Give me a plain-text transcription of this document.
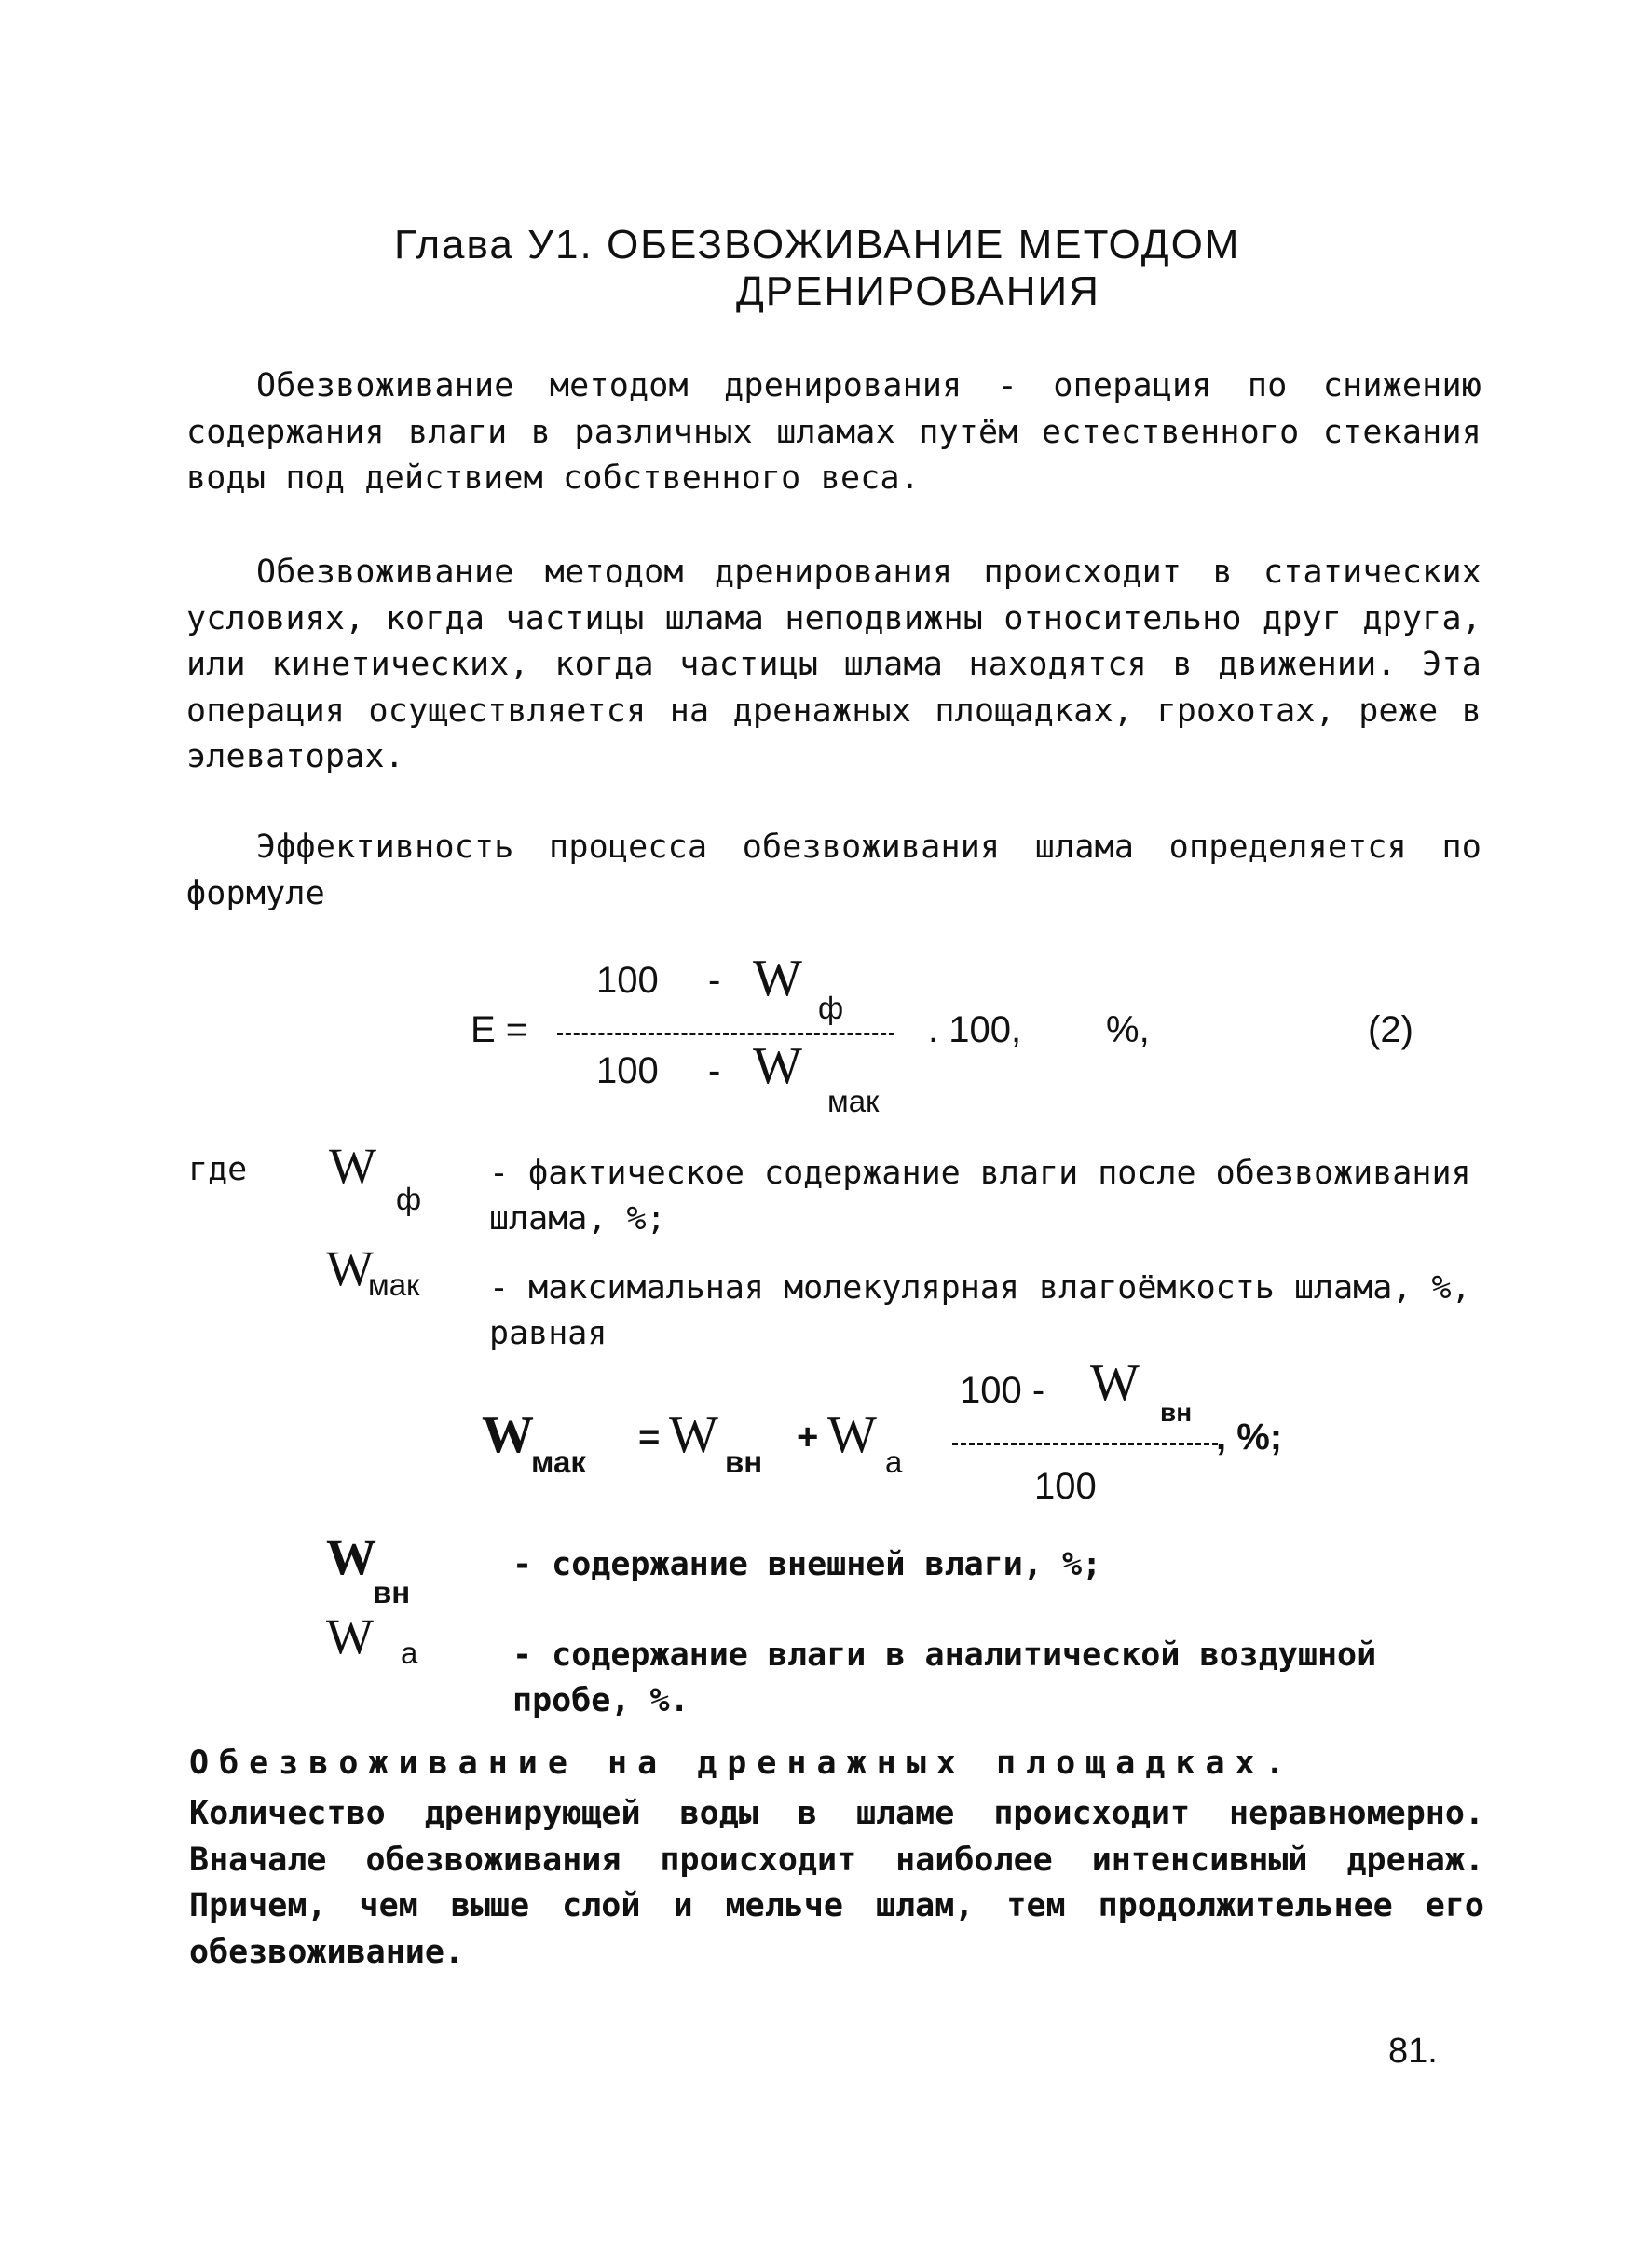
Глава У1. ОБЕЗВОЖИВАНИЕ МЕТОДОМ
ДРЕНИРОВАНИЯ
Обезвоживание методом дренирования - операция по снижению содержания влаги в различных шламах путём естественного стекания воды под действием собственного веса.
Обезвоживание методом дренирования происходит в статических условиях, когда частицы шлама неподвижны относительно друг друга, или кинетических, когда частицы шлама находятся в движении. Эта операция осуществляется на дренажных площадках, грохотах, реже в элеваторах.
Эффективность процесса обезвоживания шлама определяется по формуле
E =
100 - W
ф
100 - W
мак
. 100, %,	(2)
где W
ф
- фактическое содержание влаги после обезвоживания шлама, %;
W
мак - максимальная молекулярная влагоёмкость шлама, %, равная
W
мак
= W вн
+ W а
100 - W
вн
100
, %;
W
вн
- содержание внешней влаги, %;
W а	- содержание влаги в аналитической воздушной пробе, %.
Обезвоживание на дренажных площадках.
Количество дренирующей воды в шламе происходит неравномерно. Вначале обезвоживания происходит наиболее интенсивный дренаж. Причем, чем выше слой и мельче шлам, тем продолжительнее его обезвоживание.
81.
